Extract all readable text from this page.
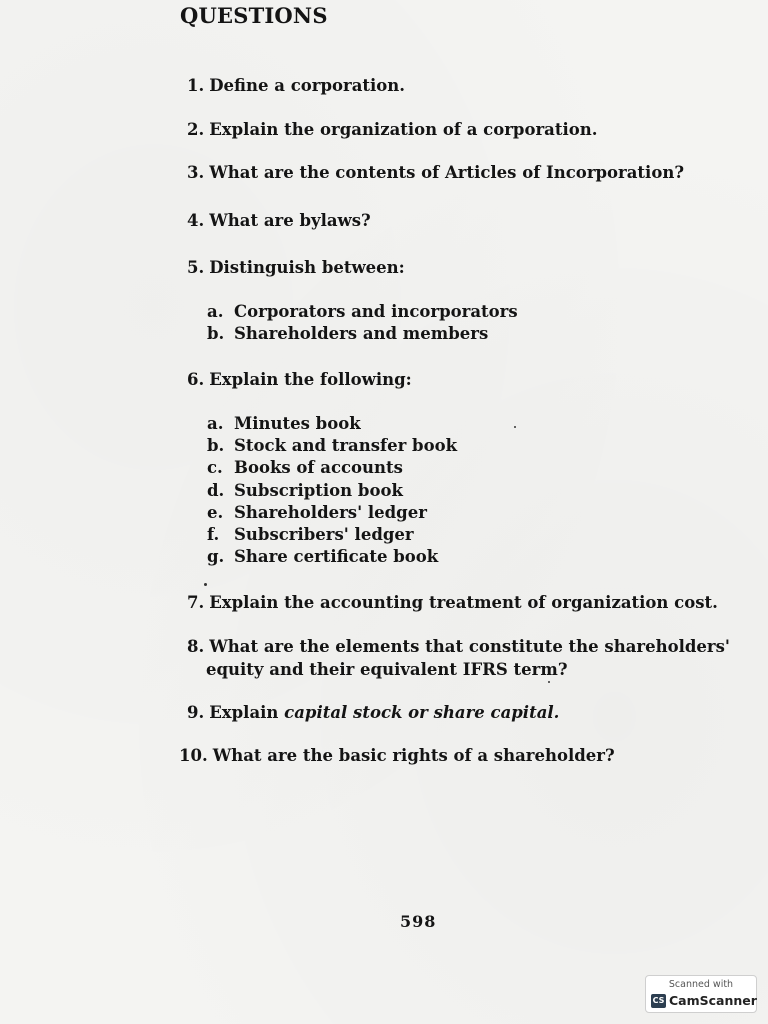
QUESTIONS
1. Define a corporation.
2. Explain the organization of a corporation.
3. What are the contents of Articles of Incorporation?
4. What are bylaws?
5. Distinguish between:
a. Corporators and incorporators
b. Shareholders and members
6. Explain the following:
a. Minutes book
b. Stock and transfer book
c. Books of accounts
d. Subscription book
e. Shareholders' ledger
f. Subscribers' ledger
g. Share certificate book
7. Explain the accounting treatment of organization cost.
8. What are the elements that constitute the shareholders'
equity and their equivalent IFRS term?
9. Explain capital stock or share capital.
10. What are the basic rights of a shareholder?
598
Scanned with
CS CamScanner
